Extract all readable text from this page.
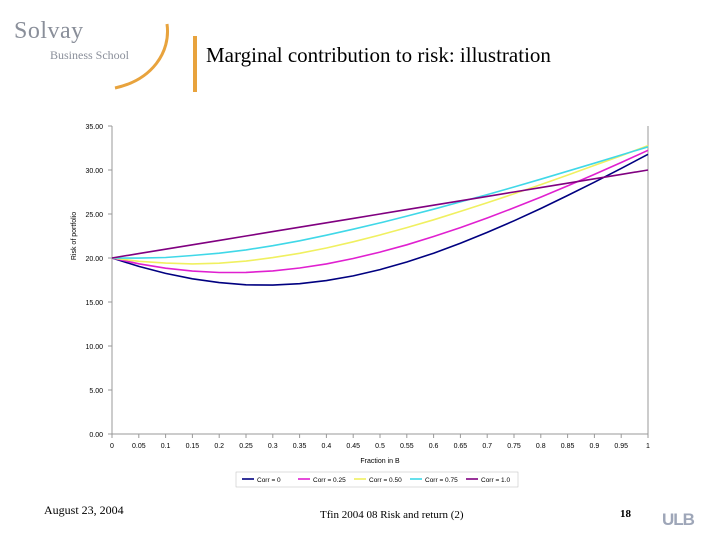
Solvay
Business School	Marginal contribution to risk: illustration
0.00
5.00
10.00
15.00
20.00
25.00
30.00
35.00
0	0.05 0.1 0.15 0.2 0.25 0.3 0.35 0.4 0.45 0.5 0.55 0.6 0.65 0.7 0.75 0.8 0.85 0.9 0.95	1
Fraction in B
Risk of portfolio
Corr = 0	Corr = 0.25	Corr = 0.50	Corr = 0.75	Corr = 1.0
August 23, 2004	Tfin 2004 08 Risk and return (2)	18 ULB
